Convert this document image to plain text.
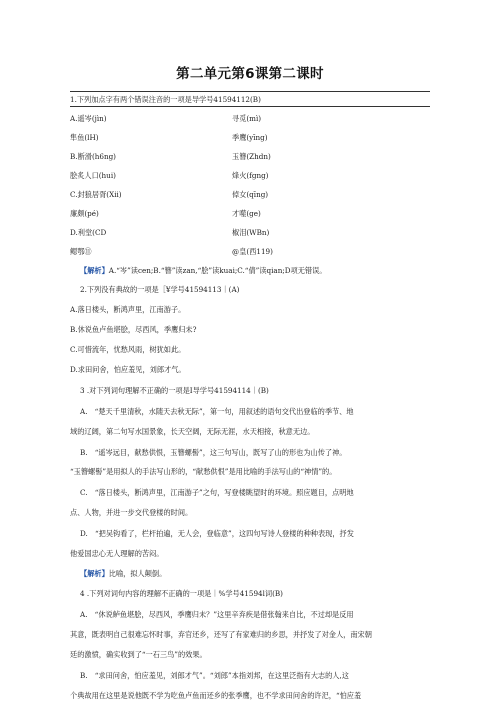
第二单元第6课第二课时
1.下列加点字有两个错误注音的一项是导学号41594112(B)
A.遥岑(jìn)	寻觅(mì)
隼鱼(lH)	季鹰(yīng)
B.断滑(h6ng)	玉簪(Zhdn)
脍炙人口(hui)	烽火(fgng)
C.封狼居胥(Xii)	倬女(qīng)
廉颇(pé)	才噬(ge)
D.利堂(CD	椒泪(WBn)
鳃鄂⑪	@皇(西119)
【解析】A.“岑”读cen;B.“簪”读zan,“脍”读kuai;C.“倩”读qian;D项无错误。
2.下列没有典故的一项是［¥学号41594113｜(A)
A.落日楼头，断鸿声里，江南游子。
B.休说鱼卢鱼堪脍，尽西风，季鹰归未?
C.可惜流年，忧愁风雨，树犹如此。
D.求田问舍，怕应羞见，刘郎才气。
3 .对下列词句理解不正确的一项是I导学号41594114｜(B)
A.　“楚天千里清秋，水随天去秋无际”，第一句，用叙述的语句交代出登临的季节、地
域的辽阔，第二句写水国景象，长天空阔，无际无涯，水天相接，秋意无边。
B.　“遥岑远目，献愁供恨，玉簪螺髻”，这三句写山，既写了山的形也为山传了神。
“玉簪螺髻”是用拟人的手法写山形的，“献愁供恨”是用比喻的手法写山的“神情”的。
C.　“落日楼头，断鸿声里，江南游子”之句，写登楼眺望时的环境。照应题目，点明地
点、人物，并进一步交代登楼的时间。
D.　“把吴钩看了，栏杆拍遍，无人会，登临意”，这四句写诗人登楼的种种表现，抒发
他爱国忠心无人理解的苦闷。
【解析】比喻，拟人颠倒。
4 .下列对词句内容的理解不正确的一项是｜%学号41594l词(B)
A.　“休说鲈鱼堪脍，尽西风，季鹰归未？”这里辛弃疾是借张翰来自比，不过却是反用
其意，既表明自己很难忘怀时事，弃官还乡，还写了有家难归的乡思，并抒发了对金人，南宋朝
廷的激愤，确实收到了“一石三鸟”的效果。
B.　“求田问舍，怕应羞见，刘郎才气”。“刘郎”本指刘邦，在这里泛指有大志的人,这
个典故用在这里是说他既不学为吃鱼卢鱼而还乡的张季鹰，也不学求田问舍的许汜，“怕应羞
